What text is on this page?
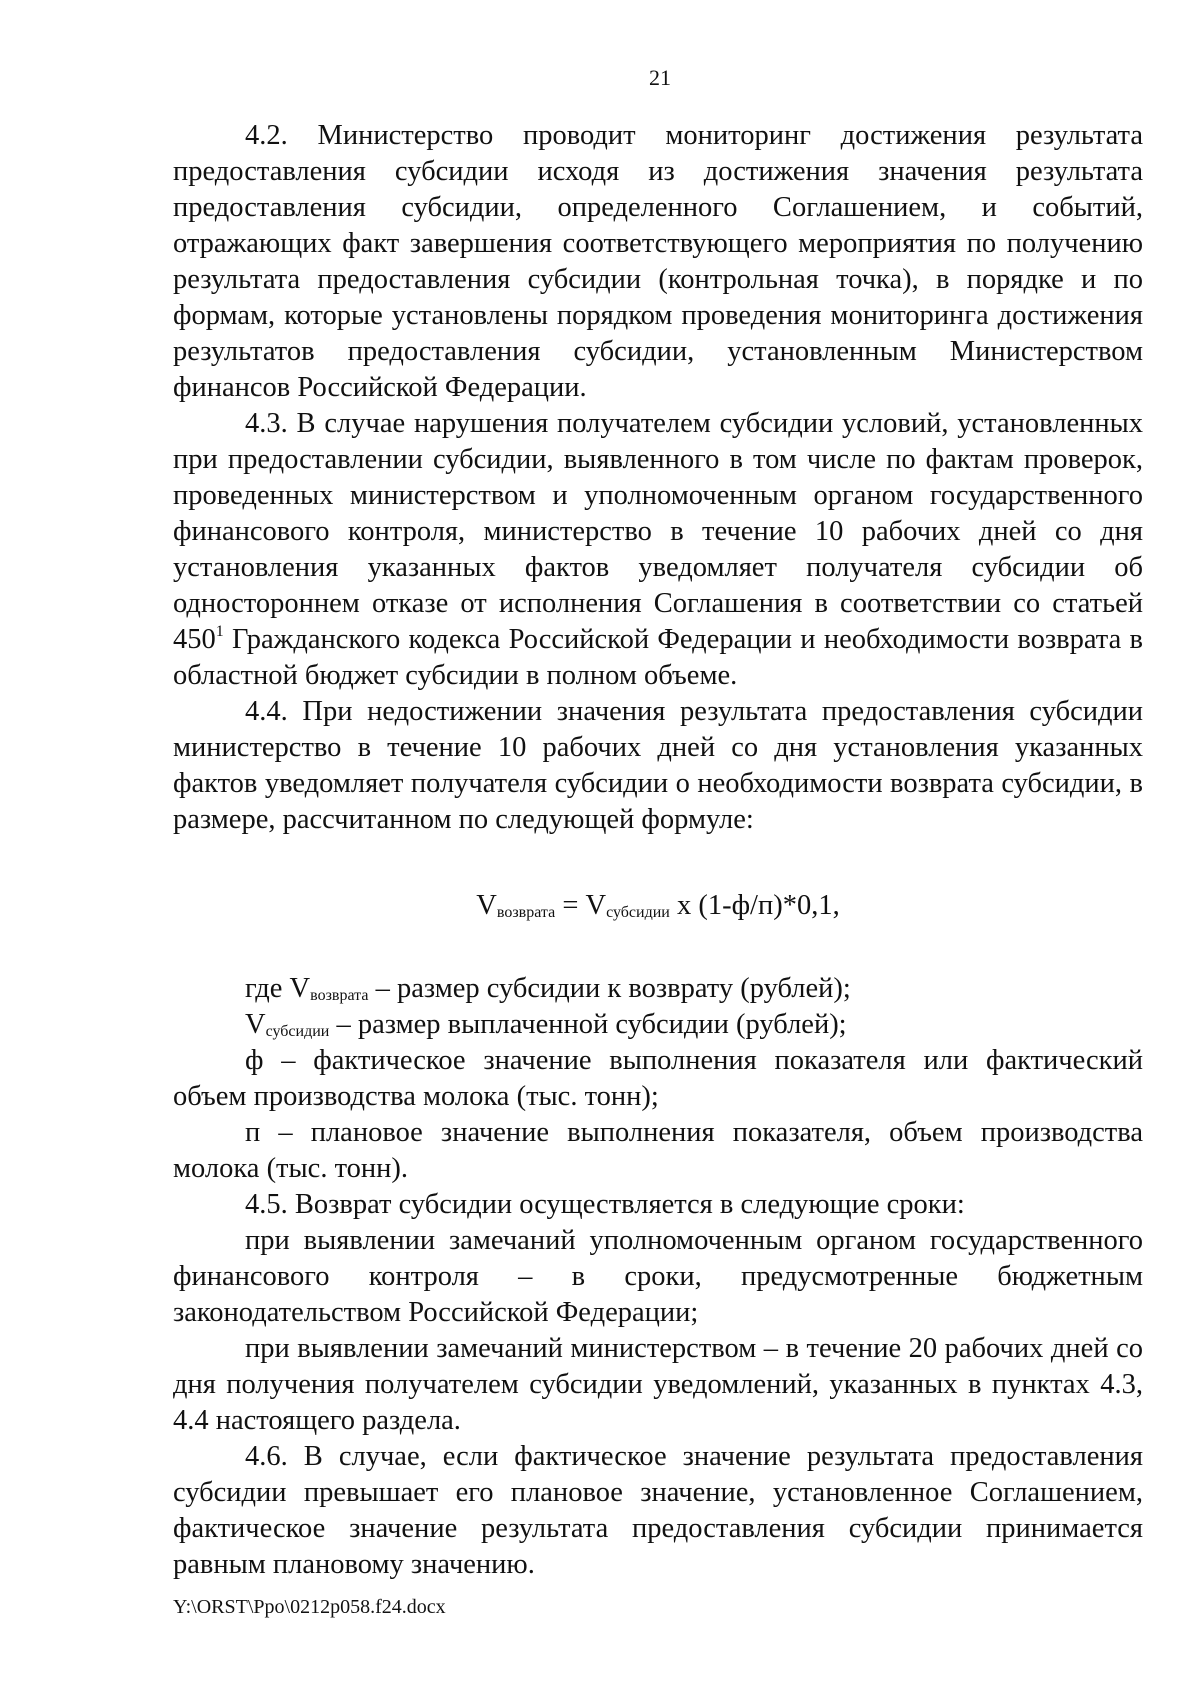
21

4.2. Министерство проводит мониторинг достижения результата предоставления субсидии исходя из достижения значения результата предоставления субсидии, определенного Соглашением, и событий, отражающих факт завершения соответствующего мероприятия по получению результата предоставления субсидии (контрольная точка), в порядке и по формам, которые установлены порядком проведения мониторинга достижения результатов предоставления субсидии, установленным Министерством финансов Российской Федерации.

4.3. В случае нарушения получателем субсидии условий, установленных при предоставлении субсидии, выявленного в том числе по фактам проверок, проведенных министерством и уполномоченным органом государственного финансового контроля, министерство в течение 10 рабочих дней со дня установления указанных фактов уведомляет получателя субсидии об одностороннем отказе от исполнения Соглашения в соответствии со статьей $450^1$ Гражданского кодекса Российской Федерации и необходимости возврата в областной бюджет субсидии в полном объеме.

4.4. При недостижении значения результата предоставления субсидии министерство в течение 10 рабочих дней со дня установления указанных фактов уведомляет получателя субсидии о необходимости возврата субсидии, в размере, рассчитанном по следующей формуле:

$V_{возврата} = V_{субсидии}$ х (1-ф/п)*0,1,

где $V_{возврата}$ – размер субсидии к возврату (рублей);

$V_{субсидии}$ – размер выплаченной субсидии (рублей);

ф – фактическое значение выполнения показателя или фактический объем производства молока (тыс. тонн);

п – плановое значение выполнения показателя, объем производства молока (тыс. тонн).

4.5. Возврат субсидии осуществляется в следующие сроки:

при выявлении замечаний уполномоченным органом государственного финансового контроля – в сроки, предусмотренные бюджетным законодательством Российской Федерации;

при выявлении замечаний министерством – в течение 20 рабочих дней со дня получения получателем субсидии уведомлений, указанных в пунктах 4.3, 4.4 настоящего раздела.

4.6. В случае, если фактическое значение результата предоставления субсидии превышает его плановое значение, установленное Соглашением, фактическое значение результата предоставления субсидии принимается равным плановому значению.

Y:\ORST\Ppo\0212p058.f24.docx
